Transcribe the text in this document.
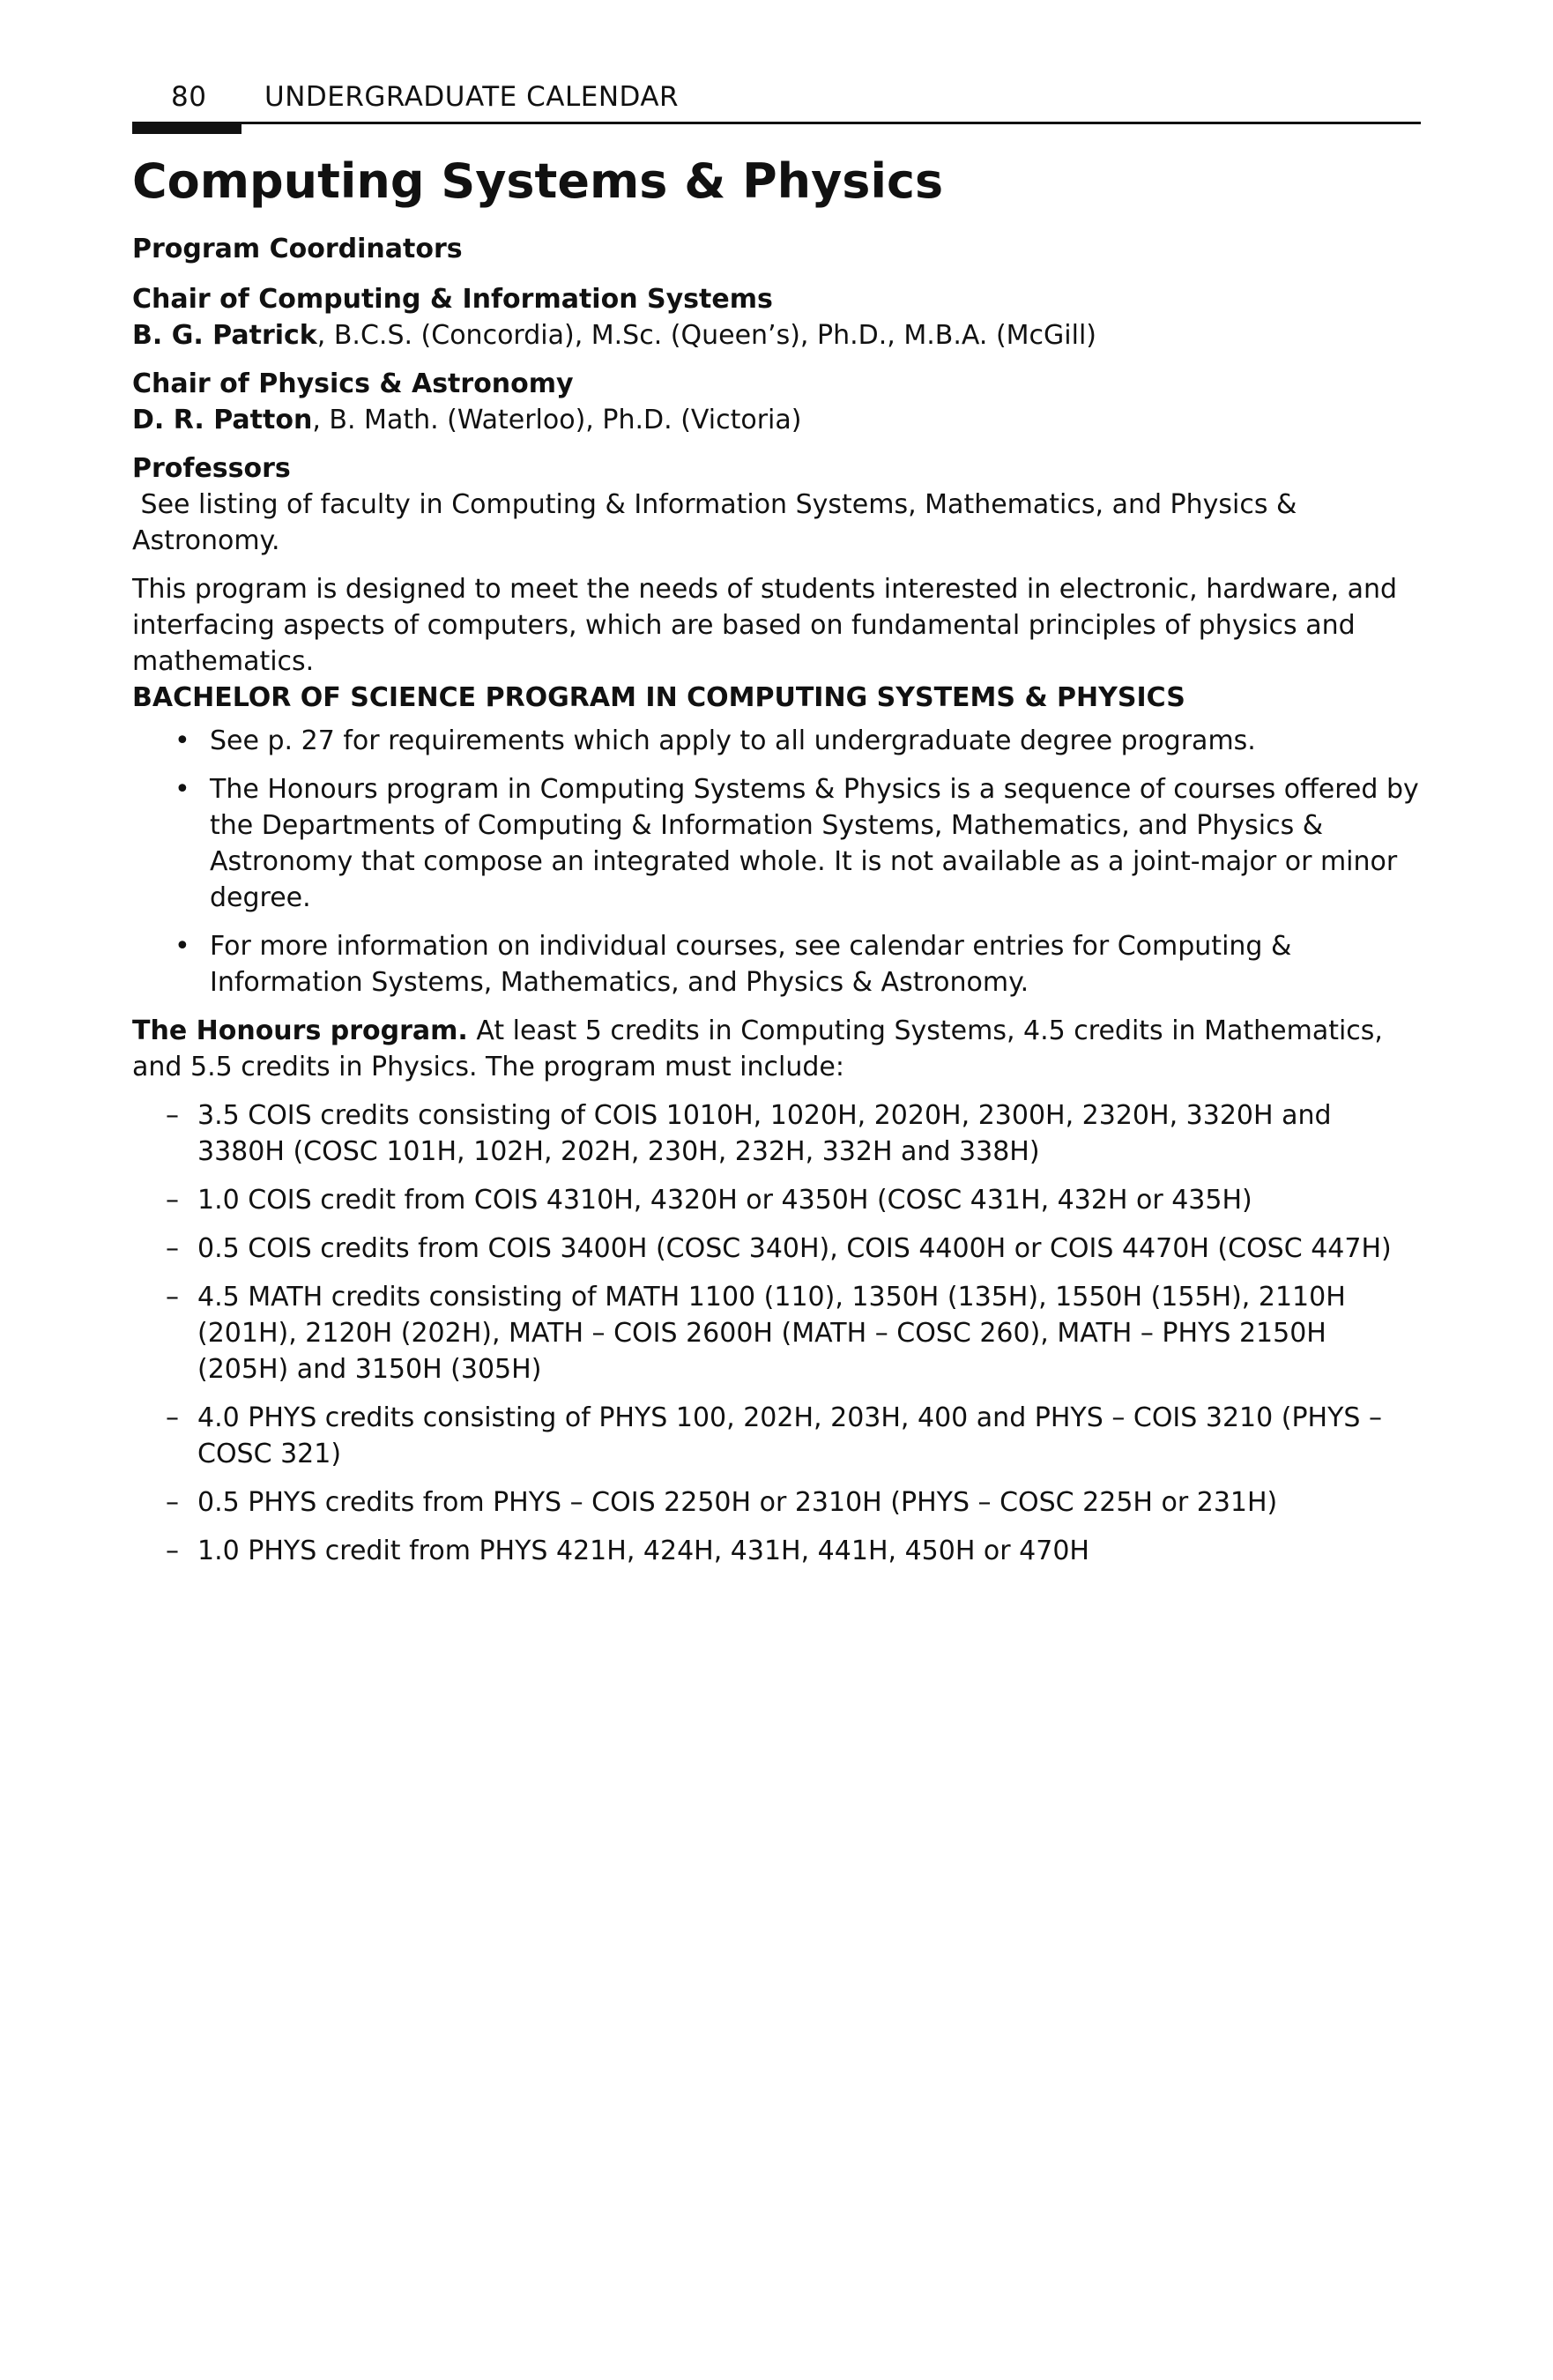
80 UNDERGRADUATE CALENDAR
Computing Systems & Physics

Program Coordinators

Chair of Computing & Information Systems

B. G. Patrick, B.C.S. (Concordia), M.Sc. (Queen’s), Ph.D., M.B.A. (McGill)

Chair of Physics & Astronomy

D. R. Patton, B. Math. (Waterloo), Ph.D. (Victoria)

Professors

See listing of faculty in Computing & Information Systems, Mathematics, and Physics & Astronomy.

This program is designed to meet the needs of students interested in electronic, hardware, and interfacing aspects of computers, which are based on fundamental principles of physics and mathematics.

BACHELOR OF SCIENCE PROGRAM IN COMPUTING SYSTEMS & PHYSICS

• See p. 27 for requirements which apply to all undergraduate degree programs.
• The Honours program in Computing Systems & Physics is a sequence of courses offered by the Departments of Computing & Information Systems, Mathematics, and Physics & Astronomy that compose an integrated whole. It is not available as a joint-major or minor degree.
• For more information on individual courses, see calendar entries for Computing & Information Systems, Mathematics, and Physics & Astronomy.

The Honours program. At least 5 credits in Computing Systems, 4.5 credits in Mathematics, and 5.5 credits in Physics. The program must include:

– 3.5 COIS credits consisting of COIS 1010H, 1020H, 2020H, 2300H, 2320H, 3320H and 3380H (COSC 101H, 102H, 202H, 230H, 232H, 332H and 338H)
– 1.0 COIS credit from COIS 4310H, 4320H or 4350H (COSC 431H, 432H or 435H)
– 0.5 COIS credits from COIS 3400H (COSC 340H), COIS 4400H or COIS 4470H (COSC 447H)
– 4.5 MATH credits consisting of MATH 1100 (110), 1350H (135H), 1550H (155H), 2110H (201H), 2120H (202H), MATH – COIS 2600H (MATH – COSC 260), MATH – PHYS 2150H (205H) and 3150H (305H)
– 4.0 PHYS credits consisting of PHYS 100, 202H, 203H, 400 and PHYS – COIS 3210 (PHYS –COSC 321)
– 0.5 PHYS credits from PHYS – COIS 2250H or 2310H (PHYS – COSC 225H or 231H)
– 1.0 PHYS credit from PHYS 421H, 424H, 431H, 441H, 450H or 470H
